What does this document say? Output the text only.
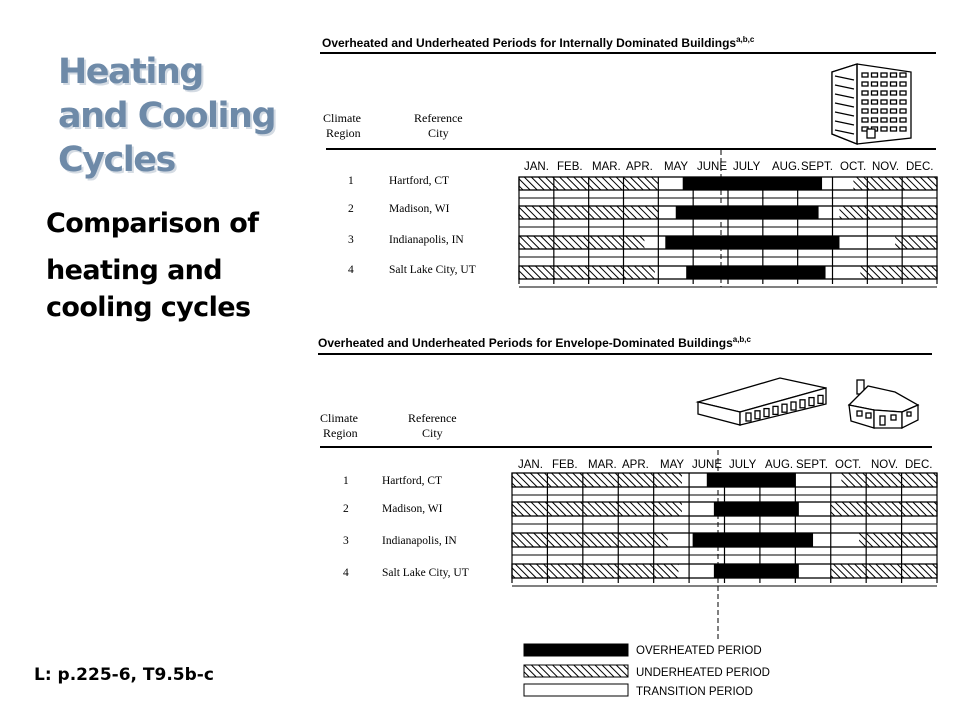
Heating
and Cooling
Cycles
Comparison of
heating and
cooling cycles
L: p.225-6, T9.5b-c
Overheated and Underheated Periods for Internally Dominated Buildings$^{a,b,c}$
Climate Region
Reference City
JAN. FEB. MAR. APR. MAY JUNE JULY AUG. SEPT. OCT. NOV. DEC.
1	Hartford, CT
2	Madison, WI
3	Indianapolis, IN
4	Salt Lake City, UT
Overheated and Underheated Periods for Envelope-Dominated Buildings$^{a,b,c}$
Climate Region
Reference City
JAN. FEB. MAR. APR. MAY JUNE JULY AUG. SEPT. OCT. NOV. DEC.
1	Hartford, CT
2	Madison, WI
3	Indianapolis, IN
4	Salt Lake City, UT
OVERHEATED PERIOD
UNDERHEATED PERIOD
TRANSITION PERIOD
